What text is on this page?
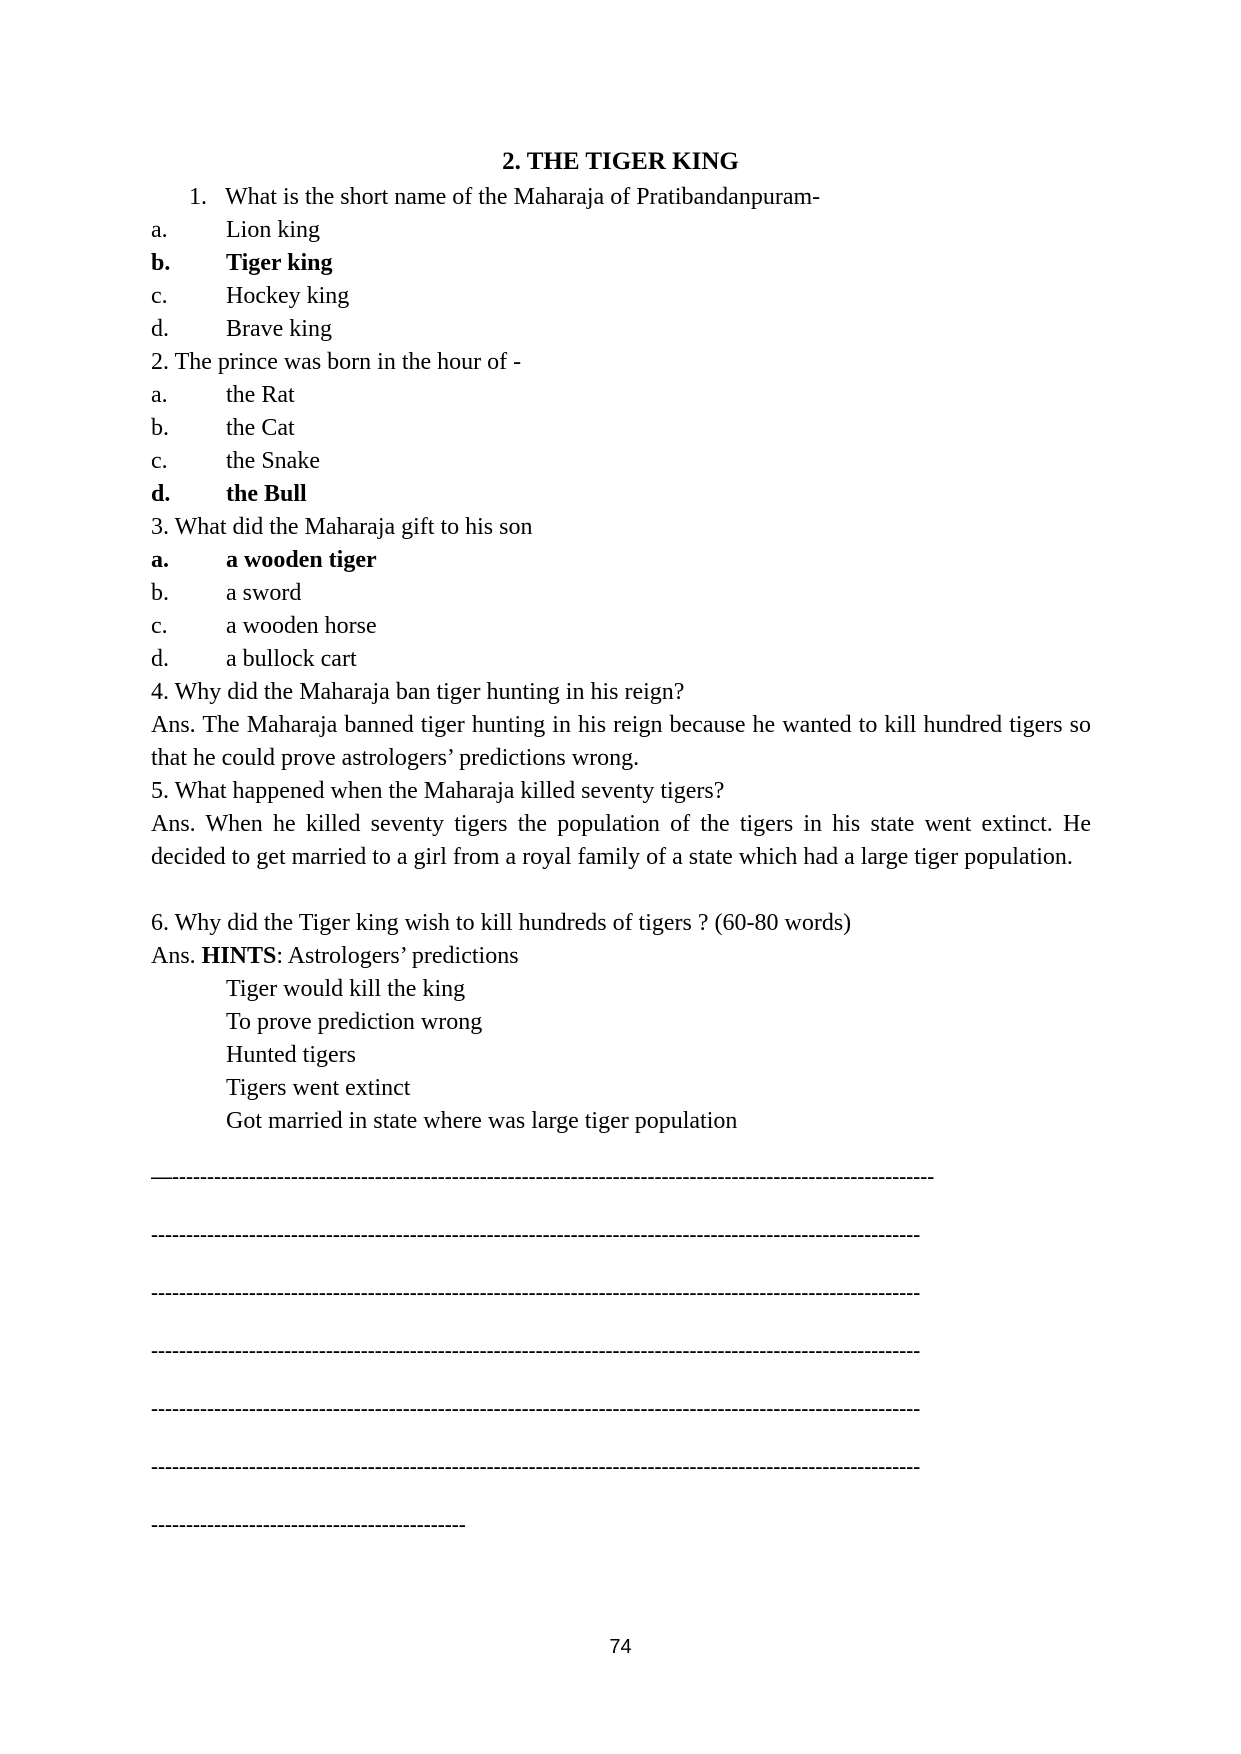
2. THE TIGER KING
1. What is the short name of the Maharaja of Pratibandanpuram-
a. Lion king
b. Tiger king
c. Hockey king
d. Brave king
2. The prince was born in the hour of -
a. the Rat
b. the Cat
c. the Snake
d. the Bull
3. What did the Maharaja gift to his son
a. a wooden tiger
b. a sword
c. a wooden horse
d. a bullock cart
4. Why did the Maharaja ban tiger hunting in his reign?
Ans. The Maharaja banned tiger hunting in his reign because he wanted to kill hundred tigers so that he could prove astrologers’ predictions wrong.
5. What happened when the Maharaja killed seventy tigers?
Ans. When he killed seventy tigers the population of the tigers in his state went extinct. He decided to get married to a girl from a royal family of a state which had a large tiger population.
6. Why did the Tiger king wish to kill hundreds of tigers ? (60-80 words)
Ans. HINTS: Astrologers’ predictions
Tiger would kill the king
To prove prediction wrong
Hunted tigers
Tigers went extinct
Got married in state where was large tiger population
—-------------------------------------------------------------------------------------------------------------
--------------------------------------------------------------------------------------------------------------
--------------------------------------------------------------------------------------------------------------
--------------------------------------------------------------------------------------------------------------
--------------------------------------------------------------------------------------------------------------
--------------------------------------------------------------------------------------------------------------
---------------------------------------------
74
